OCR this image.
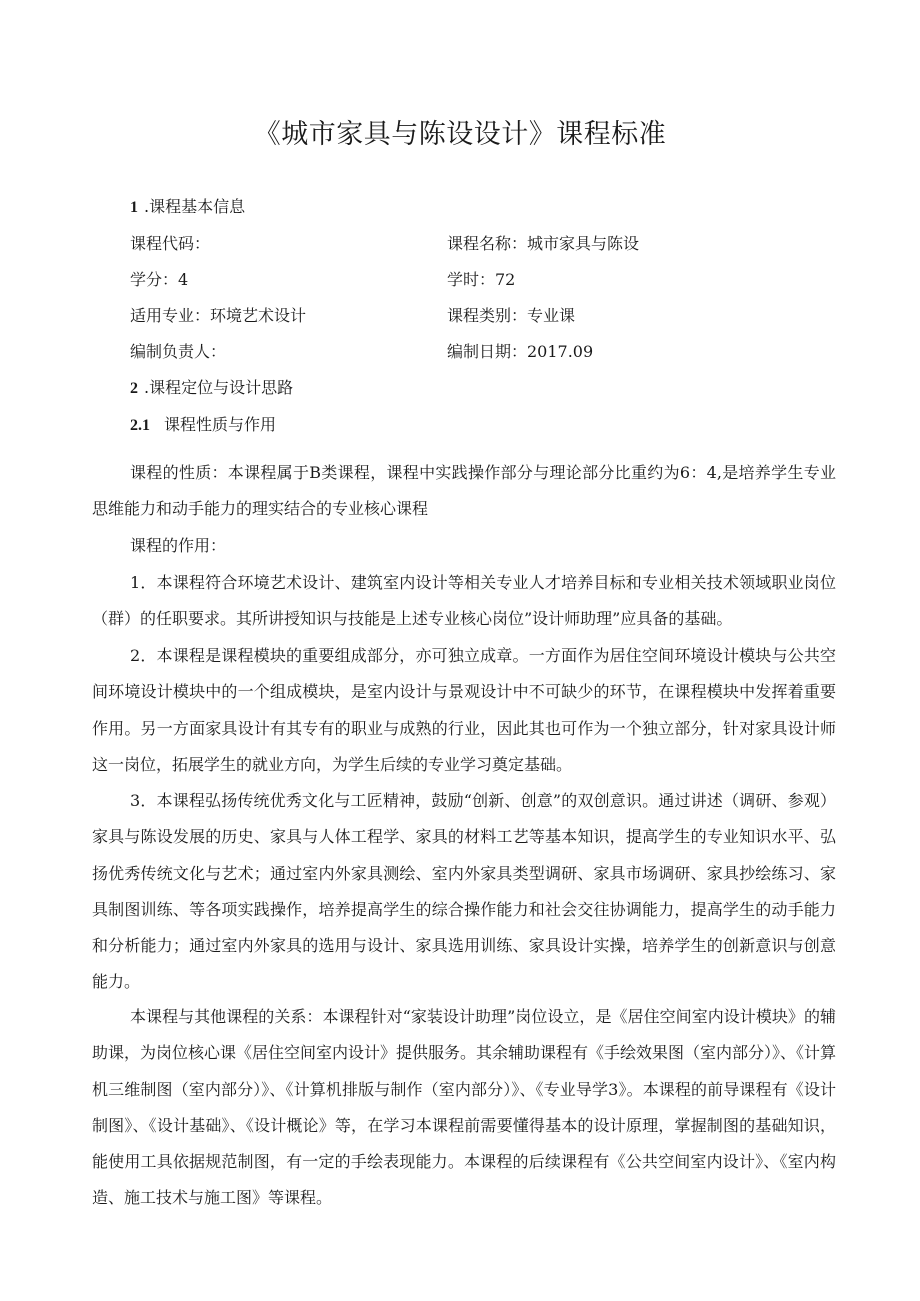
《城市家具与陈设设计》课程标准
1 .课程基本信息
课程代码：	课程名称：城市家具与陈设
学分：4	学时：72
适用专业：环境艺术设计	课程类别：专业课
编制负责人：	编制日期：2017.09
2 .课程定位与设计思路
2.1 课程性质与作用

课程的性质：本课程属于B类课程，课程中实践操作部分与理论部分比重约为6：4,是培养学生专业思维能力和动手能力的理实结合的专业核心课程

课程的作用：

1．本课程符合环境艺术设计、建筑室内设计等相关专业人才培养目标和专业相关技术领域职业岗位（群）的任职要求。其所讲授知识与技能是上述专业核心岗位”设计师助理”应具备的基础。

2．本课程是课程模块的重要组成部分，亦可独立成章。一方面作为居住空间环境设计模块与公共空间环境设计模块中的一个组成模块，是室内设计与景观设计中不可缺少的环节，在课程模块中发挥着重要作用。另一方面家具设计有其专有的职业与成熟的行业，因此其也可作为一个独立部分，针对家具设计师这一岗位，拓展学生的就业方向，为学生后续的专业学习奠定基础。

3．本课程弘扬传统优秀文化与工匠精神，鼓励“创新、创意”的双创意识。通过讲述（调研、参观）家具与陈设发展的历史、家具与人体工程学、家具的材料工艺等基本知识，提高学生的专业知识水平、弘扬优秀传统文化与艺术；通过室内外家具测绘、室内外家具类型调研、家具市场调研、家具抄绘练习、家具制图训练、等各项实践操作，培养提高学生的综合操作能力和社会交往协调能力，提高学生的动手能力和分析能力；通过室内外家具的选用与设计、家具选用训练、家具设计实操，培养学生的创新意识与创意能力。

本课程与其他课程的关系：本课程针对“家装设计助理”岗位设立，是《居住空间室内设计模块》的辅助课，为岗位核心课《居住空间室内设计》提供服务。其余辅助课程有《手绘效果图（室内部分）》、《计算机三维制图（室内部分）》、《计算机排版与制作（室内部分）》、《专业导学3》。本课程的前导课程有《设计制图》、《设计基础》、《设计概论》等，在学习本课程前需要懂得基本的设计原理，掌握制图的基础知识，能使用工具依据规范制图，有一定的手绘表现能力。本课程的后续课程有《公共空间室内设计》、《室内构造、施工技术与施工图》等课程。
